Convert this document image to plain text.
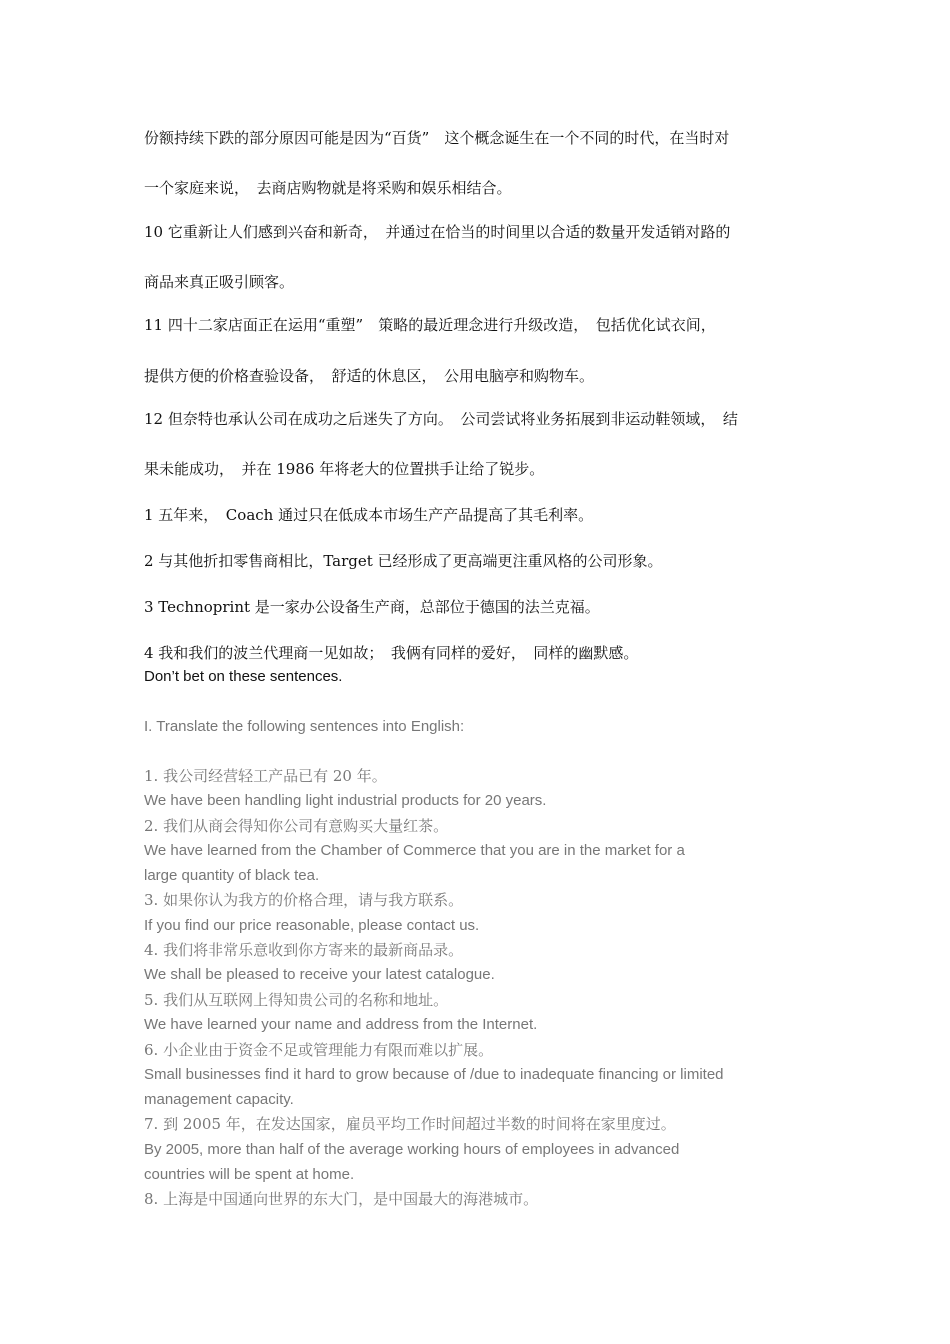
份额持续下跌的部分原因可能是因为“百货”　这个概念诞生在一个不同的时代，在当时对
一个家庭来说，　去商店购物就是将采购和娱乐相结合。
10 它重新让人们感到兴奋和新奇，　并通过在恰当的时间里以合适的数量开发适销对路的
商品来真正吸引顾客。
11 四十二家店面正在运用“重塑”　策略的最近理念进行升级改造，　包括优化试衣间，
提供方便的价格查验设备，　舒适的休息区，　公用电脑亭和购物车。
12 但奈特也承认公司在成功之后迷失了方向。　公司尝试将业务拓展到非运动鞋领域，　结
果未能成功，　并在 1986 年将老大的位置拱手让给了锐步。
1 五年来，　Coach 通过只在低成本市场生产产品提高了其毛利率。
2 与其他折扣零售商相比，Target 已经形成了更高端更注重风格的公司形象。
3 Technoprint 是一家办公设备生产商，总部位于德国的法兰克福。
4 我和我们的波兰代理商一见如故；　我俩有同样的爱好，　同样的幽默感。
Don’t bet on these sentences.
I. Translate the following sentences into English:
1. 我公司经营轻工产品已有 20 年。
We have been handling light industrial products for 20 years.
2. 我们从商会得知你公司有意购买大量红茶。
We have learned from the Chamber of Commerce that you are in the market for a
large quantity of black tea.
3. 如果你认为我方的价格合理，请与我方联系。
If you find our price reasonable, please contact us.
4. 我们将非常乐意收到你方寄来的最新商品录。
We shall be pleased to receive your latest catalogue.
5. 我们从互联网上得知贵公司的名称和地址。
We have learned your name and address from the Internet.
6. 小企业由于资金不足或管理能力有限而难以扩展。
Small businesses find it hard to grow because of /due to inadequate financing or limited
management capacity.
7. 到 2005 年，在发达国家，雇员平均工作时间超过半数的时间将在家里度过。
By 2005, more than half of the average working hours of employees in advanced
countries will be spent at home.
8. 上海是中国通向世界的东大门，是中国最大的海港城市。
